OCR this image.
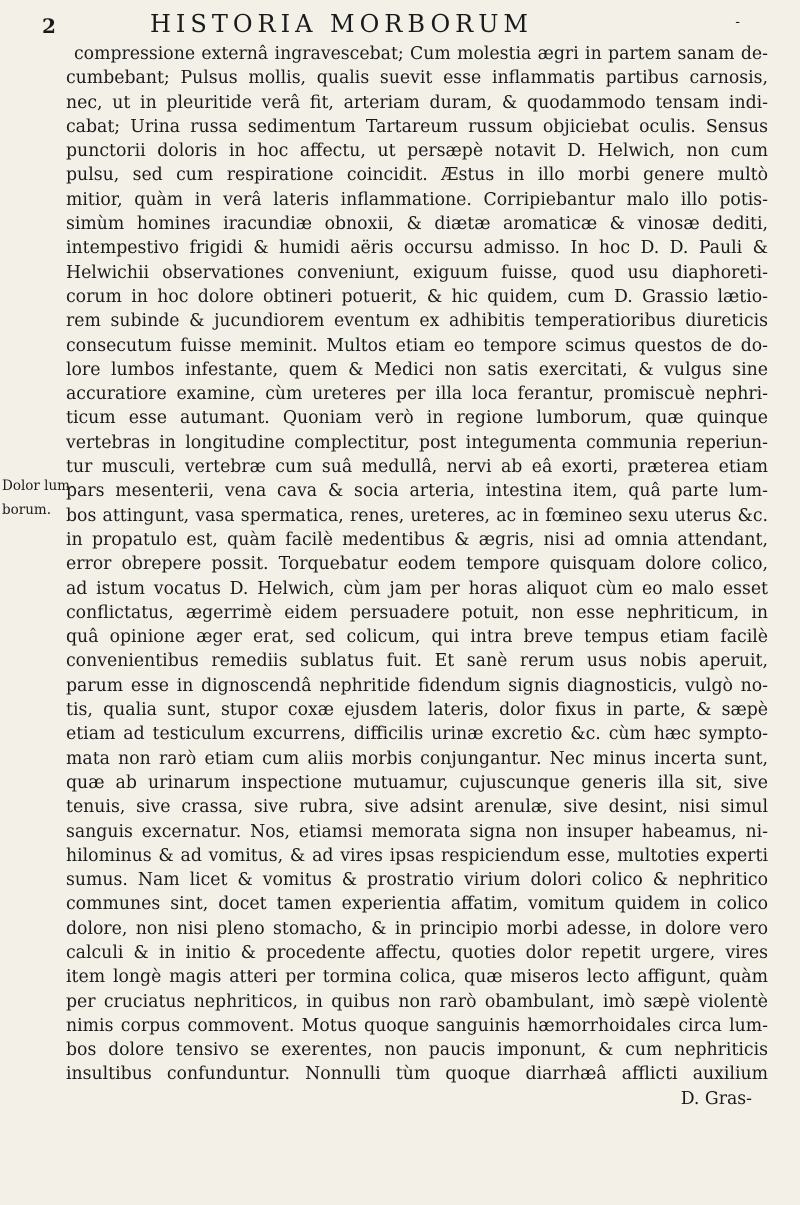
2	HISTORIA MORBORUM	-
Dolor lum-
borum.
compressione externâ ingravescebat; Cum molestia ægri in partem sanam de-
cumbebant; Pulsus mollis, qualis suevit esse inflammatis partibus carnosis,
nec, ut in pleuritide verâ fit, arteriam duram, & quodammodo tensam indi-
cabat; Urina russa sedimentum Tartareum russum objiciebat oculis. Sensus
punctorii doloris in hoc affectu, ut persæpè notavit D. Helwich, non cum
pulsu, sed cum respiratione coincidit. Æstus in illo morbi genere multò
mitior, quàm in verâ lateris inflammatione. Corripiebantur malo illo potis-
simùm homines iracundiæ obnoxii, & diætæ aromaticæ & vinosæ dediti,
intempestivo frigidi & humidi aëris occursu admisso. In hoc D. D. Pauli &
Helwichii observationes conveniunt, exiguum fuisse, quod usu diaphoreti-
corum in hoc dolore obtineri potuerit, & hic quidem, cum D. Grassio lætio-
rem subinde & jucundiorem eventum ex adhibitis temperatioribus diureticis
consecutum fuisse meminit. Multos etiam eo tempore scimus questos de do-
lore lumbos infestante, quem & Medici non satis exercitati, & vulgus sine
accuratiore examine, cùm ureteres per illa loca ferantur, promiscuè nephri-
ticum esse autumant. Quoniam verò in regione lumborum, quæ quinque
vertebras in longitudine complectitur, post integumenta communia reperiun-
tur musculi, vertebræ cum suâ medullâ, nervi ab eâ exorti, præterea etiam
pars mesenterii, vena cava & socia arteria, intestina item, quâ parte lum-
bos attingunt, vasa spermatica, renes, ureteres, ac in fœmineo sexu uterus &c.
in propatulo est, quàm facilè medentibus & ægris, nisi ad omnia attendant,
error obrepere possit. Torquebatur eodem tempore quisquam dolore colico,
ad istum vocatus D. Helwich, cùm jam per horas aliquot cùm eo malo esset
conflictatus, ægerrimè eidem persuadere potuit, non esse nephriticum, in
quâ opinione æger erat, sed colicum, qui intra breve tempus etiam facilè
convenientibus remediis sublatus fuit. Et sanè rerum usus nobis aperuit,
parum esse in dignoscendâ nephritide fidendum signis diagnosticis, vulgò no-
tis, qualia sunt, stupor coxæ ejusdem lateris, dolor fixus in parte, & sæpè
etiam ad testiculum excurrens, difficilis urinæ excretio &c. cùm hæc sympto-
mata non rarò etiam cum aliis morbis conjungantur. Nec minus incerta sunt,
quæ ab urinarum inspectione mutuamur, cujuscunque generis illa sit, sive
tenuis, sive crassa, sive rubra, sive adsint arenulæ, sive desint, nisi simul
sanguis excernatur. Nos, etiamsi memorata signa non insuper habeamus, ni-
hilominus & ad vomitus, & ad vires ipsas respiciendum esse, multoties experti
sumus. Nam licet & vomitus & prostratio virium dolori colico & nephritico
communes sint, docet tamen experientia affatim, vomitum quidem in colico
dolore, non nisi pleno stomacho, & in principio morbi adesse, in dolore vero
calculi & in initio & procedente affectu, quoties dolor repetit urgere, vires
item longè magis atteri per tormina colica, quæ miseros lecto affigunt, quàm
per cruciatus nephriticos, in quibus non rarò obambulant, imò sæpè violentè
nimis corpus commovent. Motus quoque sanguinis hæmorrhoidales circa lum-
bos dolore tensivo se exerentes, non paucis imponunt, & cum nephriticis
insultibus confunduntur. Nonnulli tùm quoque diarrhæâ afflicti auxilium
D. Gras-
